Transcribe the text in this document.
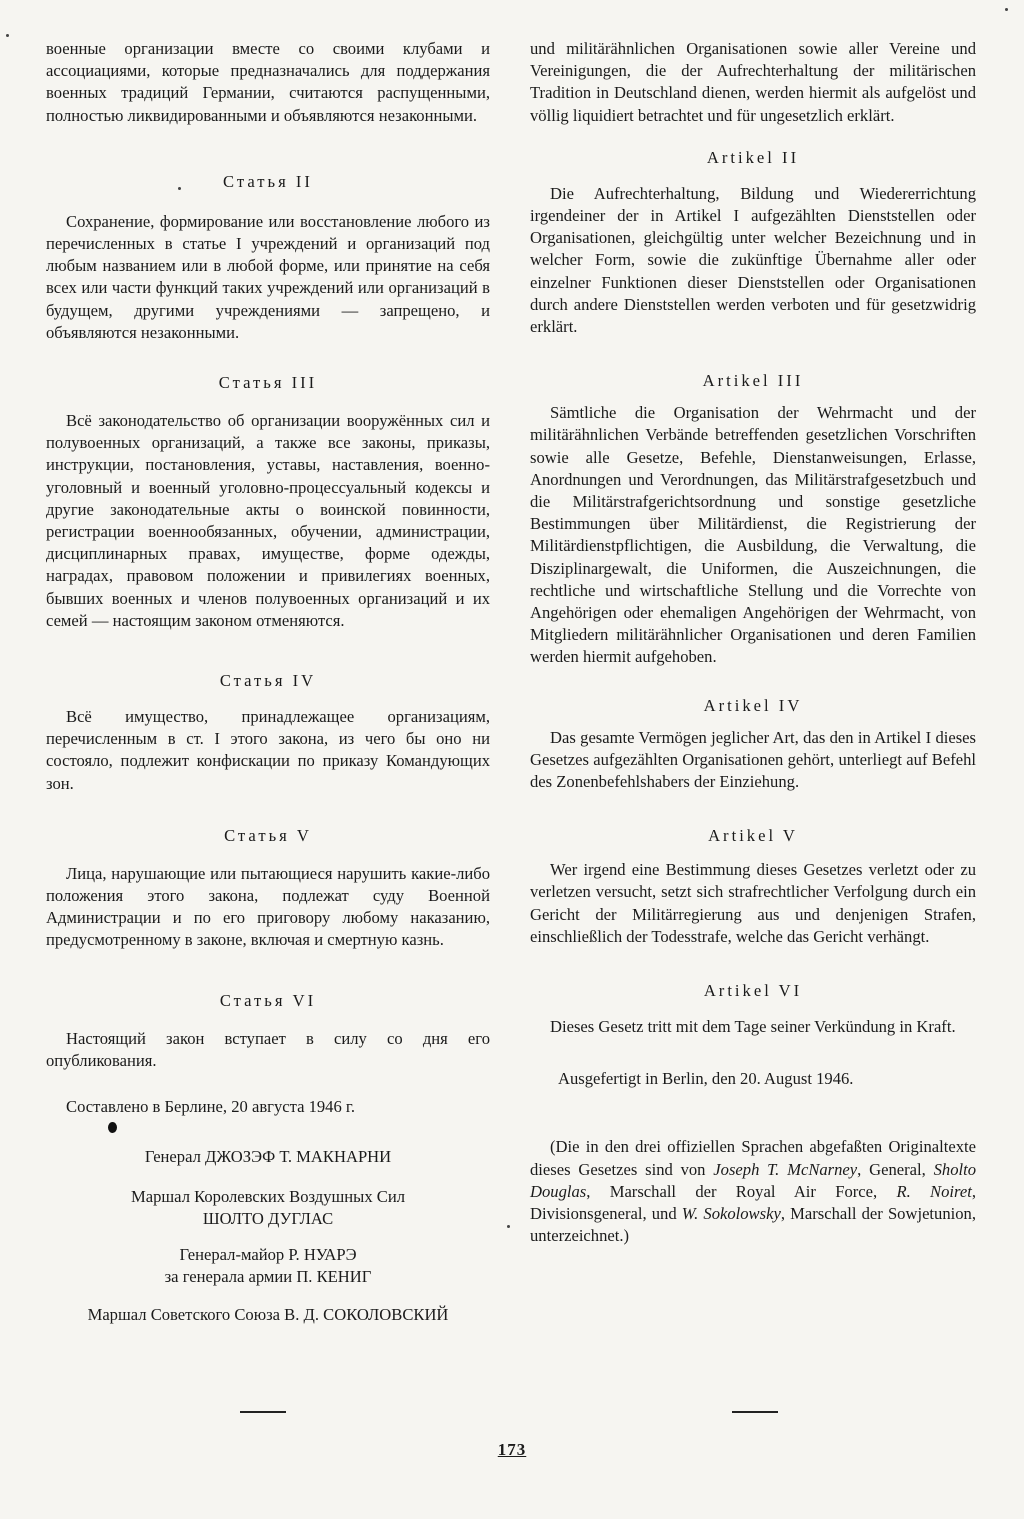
военные организации вместе со своими клубами и ассоциациями, которые предназначались для поддержания военных традиций Германии, считаются распущенными, полностью ликвидированными и объявляются незаконными.

Статья II

Сохранение, формирование или восстановление любого из перечисленных в статье I учреждений и организаций под любым названием или в любой форме, или принятие на себя всех или части функций таких учреждений или организаций в будущем, другими учреждениями — запрещено, и объявляются незаконными.

Статья III

Всё законодательство об организации вооружённых сил и полувоенных организаций, а также все законы, приказы, инструкции, постановления, уставы, наставления, военно-уголовный и военный уголовно-процессуальный кодексы и другие законодательные акты о воинской повинности, регистрации военнообязанных, обучении, администрации, дисциплинарных правах, имуществе, форме одежды, наградах, правовом положении и привилегиях военных, бывших военных и членов полувоенных организаций и их семей — настоящим законом отменяются.

Статья IV

Всё имущество, принадлежащее организациям, перечисленным в ст. I этого закона, из чего бы оно ни состояло, подлежит конфискации по приказу Командующих зон.

Статья V

Лица, нарушающие или пытающиеся нарушить какие-либо положения этого закона, подлежат суду Военной Администрации и по его приговору любому наказанию, предусмотренному в законе, включая и смертную казнь.

Статья VI

Настоящий закон вступает в силу со дня его опубликования.

Составлено в Берлине, 20 августа 1946 г.

Генерал ДЖОЗЭФ Т. МАКНАРНИ

Маршал Королевских Воздушных Сил

ШОЛТО ДУГЛАС

Генерал-майор Р. НУАРЭ

за генерала армии П. КЕНИГ

Маршал Советского Союза В. Д. СОКОЛОВСКИЙ

und militärähnlichen Organisationen sowie aller Vereine und Vereinigungen, die der Aufrechterhaltung der militärischen Tradition in Deutschland dienen, werden hiermit als aufgelöst und völlig liquidiert betrachtet und für ungesetzlich erklärt.

Artikel II

Die Aufrechterhaltung, Bildung und Wiedererrichtung irgendeiner der in Artikel I aufgezählten Dienststellen oder Organisationen, gleichgültig unter welcher Bezeichnung und in welcher Form, sowie die zukünftige Übernahme aller oder einzelner Funktionen dieser Dienststellen oder Organisationen durch andere Dienststellen werden verboten und für gesetzwidrig erklärt.

Artikel III

Sämtliche die Organisation der Wehrmacht und der militärähnlichen Verbände betreffenden gesetzlichen Vorschriften sowie alle Gesetze, Befehle, Dienstanweisungen, Erlasse, Anordnungen und Verordnungen, das Militärstrafgesetzbuch und die Militärstrafgerichtsordnung und sonstige gesetzliche Bestimmungen über Militärdienst, die Registrierung der Militärdienstpflichtigen, die Ausbildung, die Verwaltung, die Disziplinargewalt, die Uniformen, die Auszeichnungen, die rechtliche und wirtschaftliche Stellung und die Vorrechte von Angehörigen oder ehemaligen Angehörigen der Wehrmacht, von Mitgliedern militärähnlicher Organisationen und deren Familien werden hiermit aufgehoben.

Artikel IV

Das gesamte Vermögen jeglicher Art, das den in Artikel I dieses Gesetzes aufgezählten Organisationen gehört, unterliegt auf Befehl des Zonenbefehlshabers der Einziehung.

Artikel V

Wer irgend eine Bestimmung dieses Gesetzes verletzt oder zu verletzen versucht, setzt sich strafrechtlicher Verfolgung durch ein Gericht der Militärregierung aus und denjenigen Strafen, einschließlich der Todesstrafe, welche das Gericht verhängt.

Artikel VI

Dieses Gesetz tritt mit dem Tage seiner Verkündung in Kraft.

Ausgefertigt in Berlin, den 20. August 1946.

(Die in den drei offiziellen Sprachen abgefaßten Originaltexte dieses Gesetzes sind von Joseph T. McNarney, General, Sholto Douglas, Marschall der Royal Air Force, R. Noiret, Divisionsgeneral, und W. Sokolowsky, Marschall der Sowjetunion, unterzeichnet.)

173
